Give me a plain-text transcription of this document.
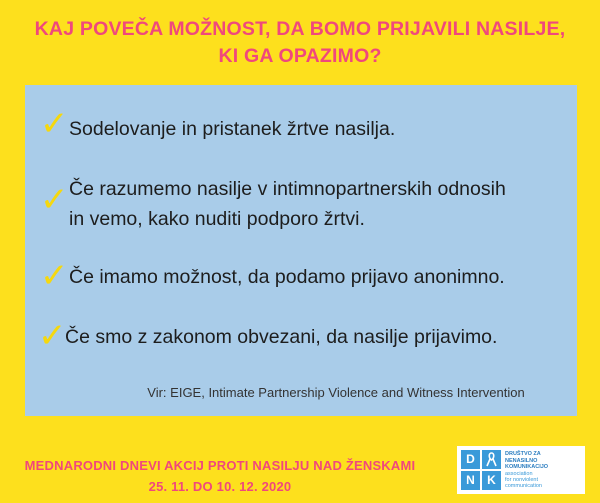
KAJ POVEČA MOŽNOST, DA BOMO PRIJAVILI NASILJE,
KI GA OPAZIMO?
✓ Sodelovanje in pristanek žrtve nasilja.
✓ Če razumemo nasilje v intimnopartnerskih odnosih
in vemo, kako nuditi podporo žrtvi.
✓ Če imamo možnost, da podamo prijavo anonimno.
✓
Če smo z zakonom obvezani, da nasilje prijavimo.
Vir: EIGE, Intimate Partnership Violence and Witness Intervention
MEDNARODNI DNEVI AKCIJ PROTI NASILJU NAD ŽENSKAMI
25. 11. DO 10. 12. 2020
D
N	K
DRUŠTVO ZA
NENASILNO
KOMUNIKACIJO
association
for nonviolent
communication
